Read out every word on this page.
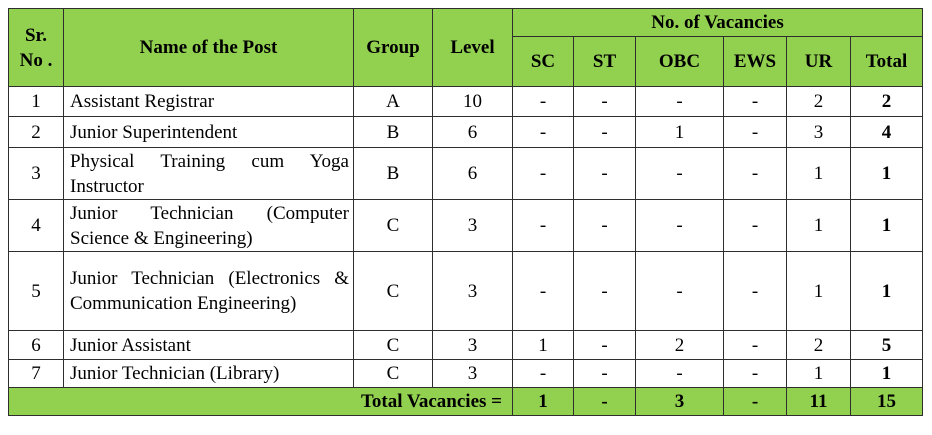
Sr. No .	Name of the Post	Group	Level	No. of Vacancies					
				SC	ST	OBC	EWS	UR	Total
1	Assistant Registrar	A	10	-	-	-	-	2	2
2	Junior Superintendent	B	6	-	-	1	-	3	4
3	Physical Training cum Yoga Instructor	B	6	-	-	-	-	1	1
4	Junior Technician (Computer Science & Engineering)	C	3	-	-	-	-	1	1
5	Junior Technician (Electronics & Communication Engineering)	C	3	-	-	-	-	1	1
6	Junior Assistant	C	3	1	-	2	-	2	5
7	Junior Technician (Library)	C	3	-	-	-	-	1	1
Total Vacancies =				1	-	3	-	11	15
